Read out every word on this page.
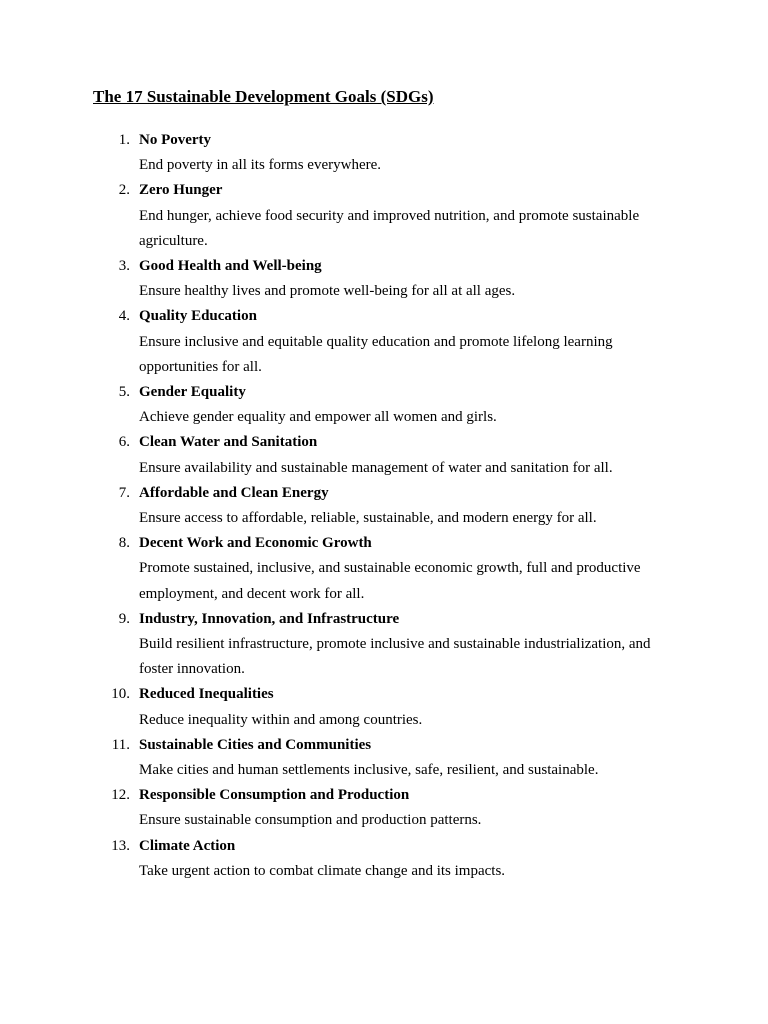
The 17 Sustainable Development Goals (SDGs)
1. No Poverty
End poverty in all its forms everywhere.
2. Zero Hunger
End hunger, achieve food security and improved nutrition, and promote sustainable agriculture.
3. Good Health and Well-being
Ensure healthy lives and promote well-being for all at all ages.
4. Quality Education
Ensure inclusive and equitable quality education and promote lifelong learning opportunities for all.
5. Gender Equality
Achieve gender equality and empower all women and girls.
6. Clean Water and Sanitation
Ensure availability and sustainable management of water and sanitation for all.
7. Affordable and Clean Energy
Ensure access to affordable, reliable, sustainable, and modern energy for all.
8. Decent Work and Economic Growth
Promote sustained, inclusive, and sustainable economic growth, full and productive employment, and decent work for all.
9. Industry, Innovation, and Infrastructure
Build resilient infrastructure, promote inclusive and sustainable industrialization, and foster innovation.
10. Reduced Inequalities
Reduce inequality within and among countries.
11. Sustainable Cities and Communities
Make cities and human settlements inclusive, safe, resilient, and sustainable.
12. Responsible Consumption and Production
Ensure sustainable consumption and production patterns.
13. Climate Action
Take urgent action to combat climate change and its impacts.
